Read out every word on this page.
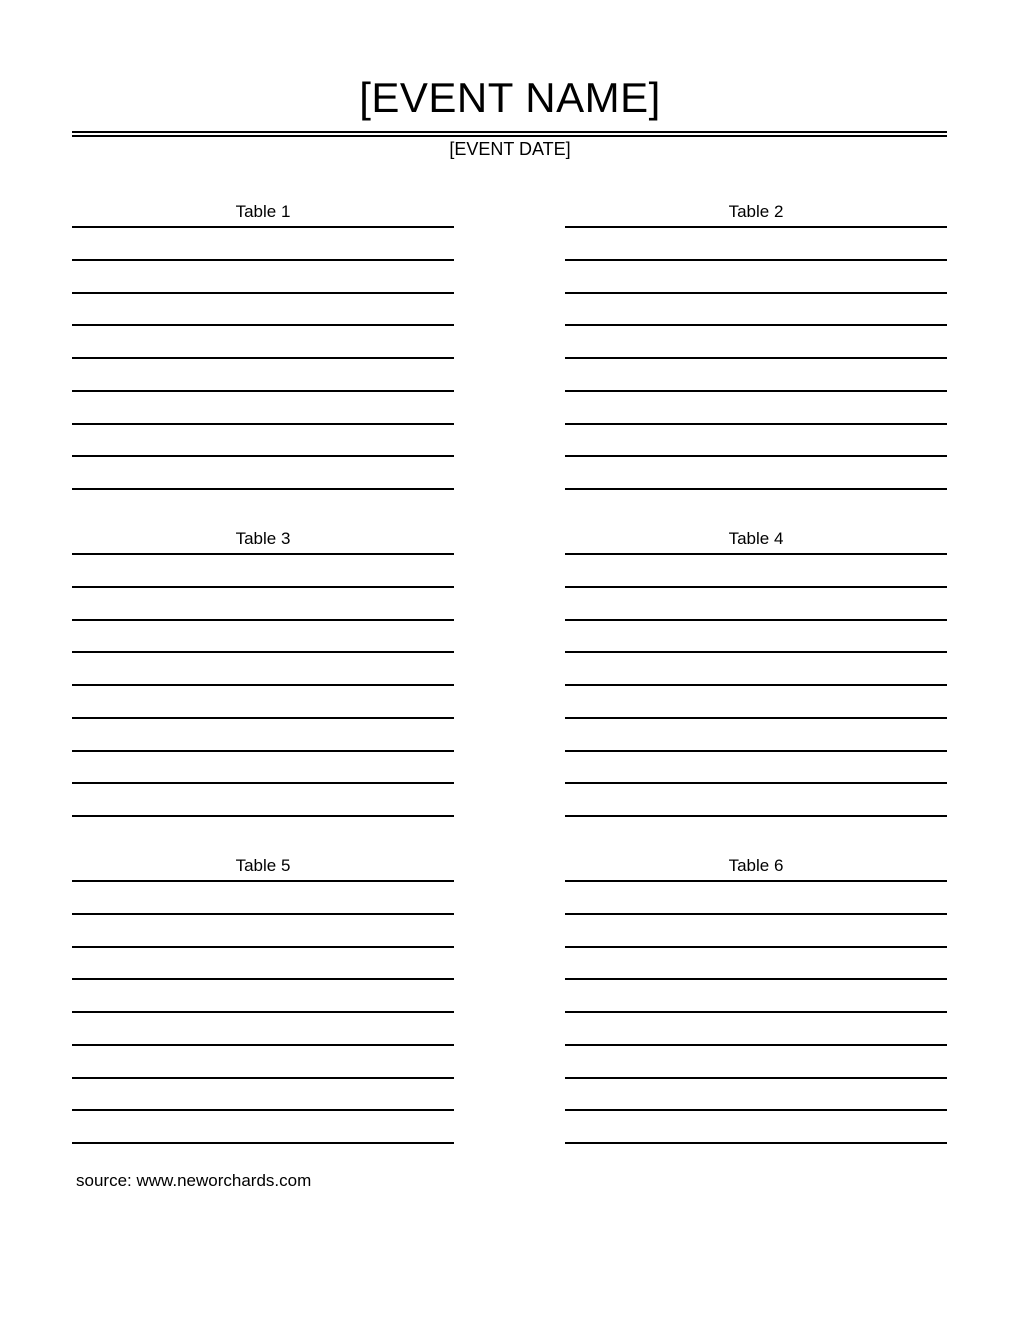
[EVENT NAME]
[EVENT DATE]
Table 1	Table 2
Table 3	Table 4
Table 5	Table 6
source: www.neworchards.com
